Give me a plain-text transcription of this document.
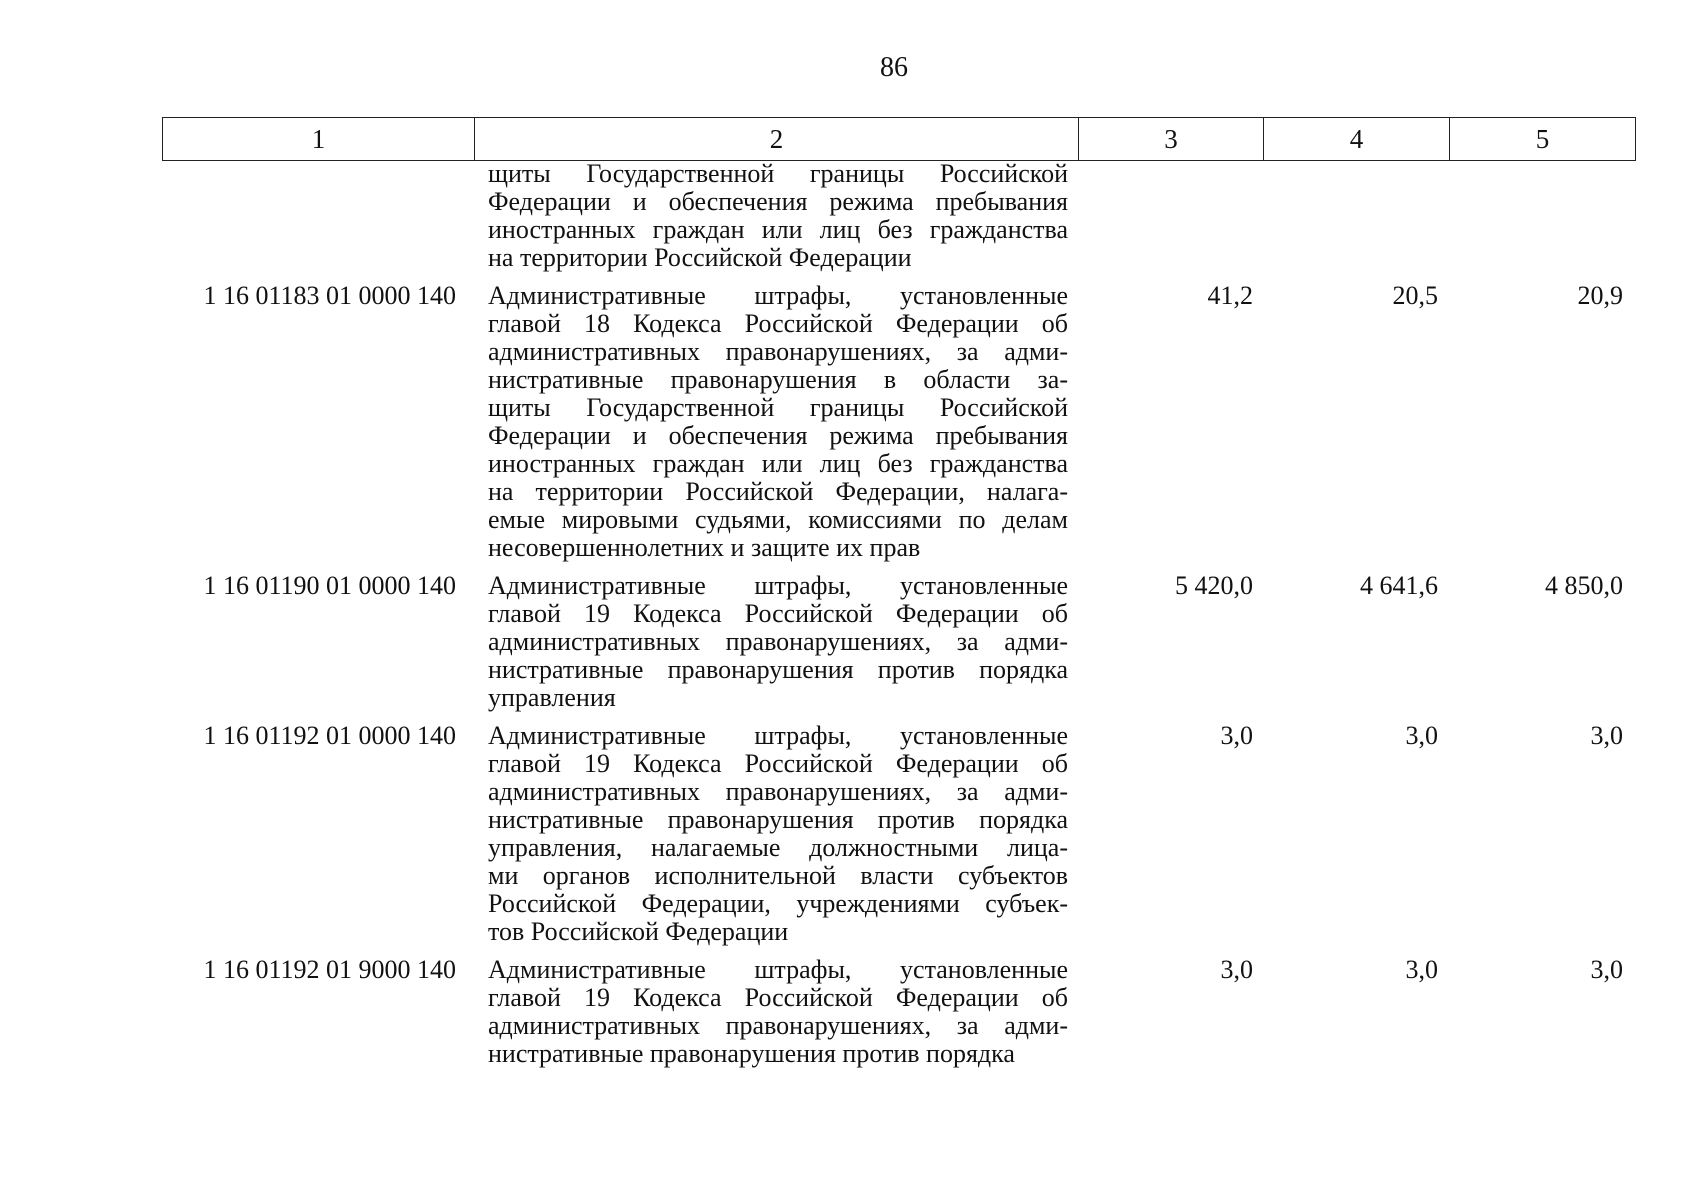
86
1	2	3	4	5
щиты Государственной границы Российской
Федерации и обеспечения режима пребывания
иностранных граждан или лиц без гражданства
на территории Российской Федерации
1 16 01183 01 0000 140	Административные штрафы, установленные
главой 18 Кодекса Российской Федерации об
административных правонарушениях, за адми-
нистративные правонарушения в области за-
щиты Государственной границы Российской
Федерации и обеспечения режима пребывания
иностранных граждан или лиц без гражданства
на территории Российской Федерации, налага-
емые мировыми судьями, комиссиями по делам
несовершеннолетних и защите их прав
41,2	20,5	20,9
1 16 01190 01 0000 140	Административные штрафы, установленные
главой 19 Кодекса Российской Федерации об
административных правонарушениях, за адми-
нистративные правонарушения против порядка
управления
5 420,0	4 641,6	4 850,0
1 16 01192 01 0000 140	Административные штрафы, установленные
главой 19 Кодекса Российской Федерации об
административных правонарушениях, за адми-
нистративные правонарушения против порядка
управления, налагаемые должностными лица-
ми органов исполнительной власти субъектов
Российской Федерации, учреждениями субъек-
тов Российской Федерации
3,0	3,0	3,0
1 16 01192 01 9000 140	Административные штрафы, установленные
главой 19 Кодекса Российской Федерации об
административных правонарушениях, за адми-
нистративные правонарушения против порядка
3,0	3,0	3,0
